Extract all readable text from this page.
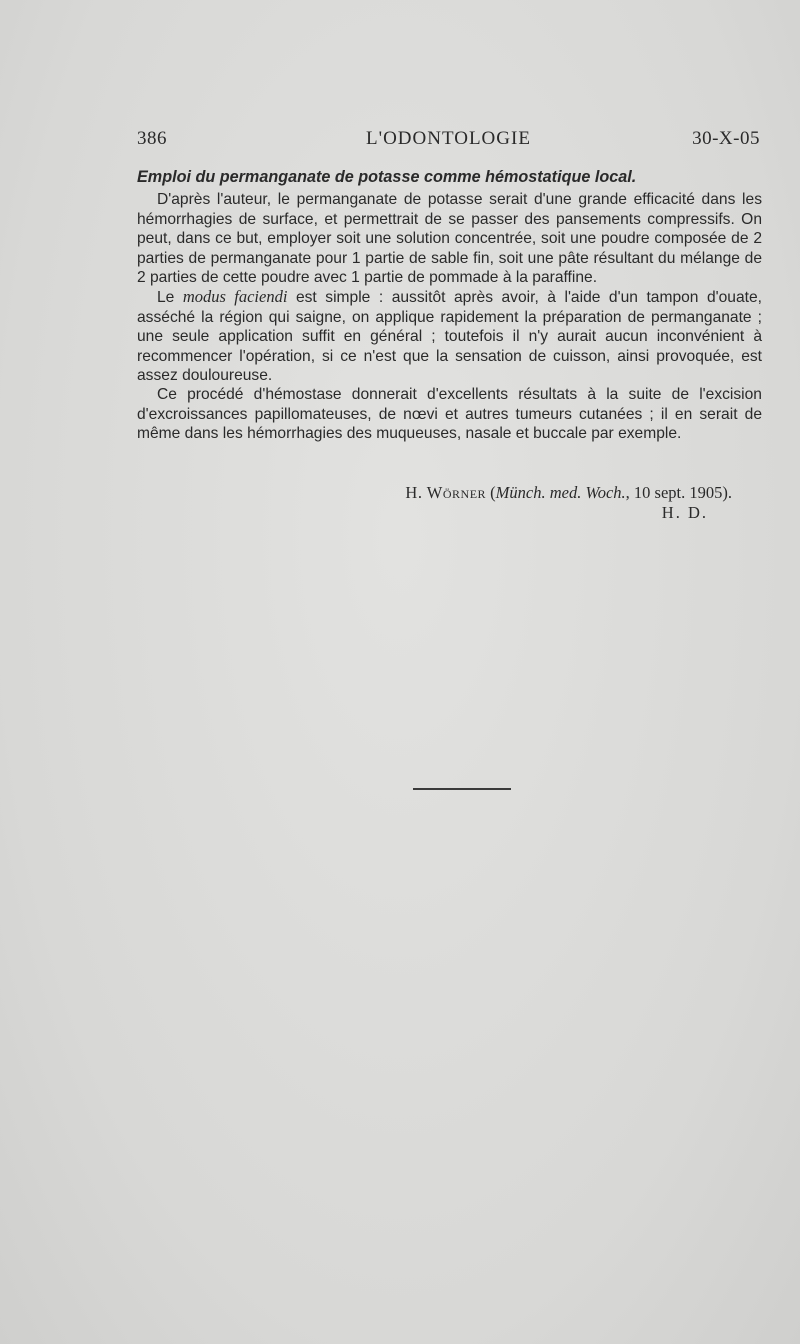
386	L'ODONTOLOGIE	30-X-05
Emploi du permanganate de potasse comme hémostatique local.

D'après l'auteur, le permanganate de potasse serait d'une grande efficacité dans les hémorrhagies de surface, et permettrait de se passer des pansements compressifs. On peut, dans ce but, employer soit une solution concentrée, soit une poudre composée de 2 parties de permanganate pour 1 partie de sable fin, soit une pâte résultant du mélange de 2 parties de cette poudre avec 1 partie de pommade à la paraffine.

Le modus faciendi est simple : aussitôt après avoir, à l'aide d'un tampon d'ouate, asséché la région qui saigne, on applique rapidement la préparation de permanganate ; une seule application suffit en général ; toutefois il n'y aurait aucun inconvénient à recommencer l'opération, si ce n'est que la sensation de cuisson, ainsi provoquée, est assez douloureuse.

Ce procédé d'hémostase donnerait d'excellents résultats à la suite de l'excision d'excroissances papillomateuses, de nœvi et autres tumeurs cutanées ; il en serait de même dans les hémorrhagies des muqueuses, nasale et buccale par exemple.

H. Wörner (Münch. med. Woch., 10 sept. 1905).
H. D.
